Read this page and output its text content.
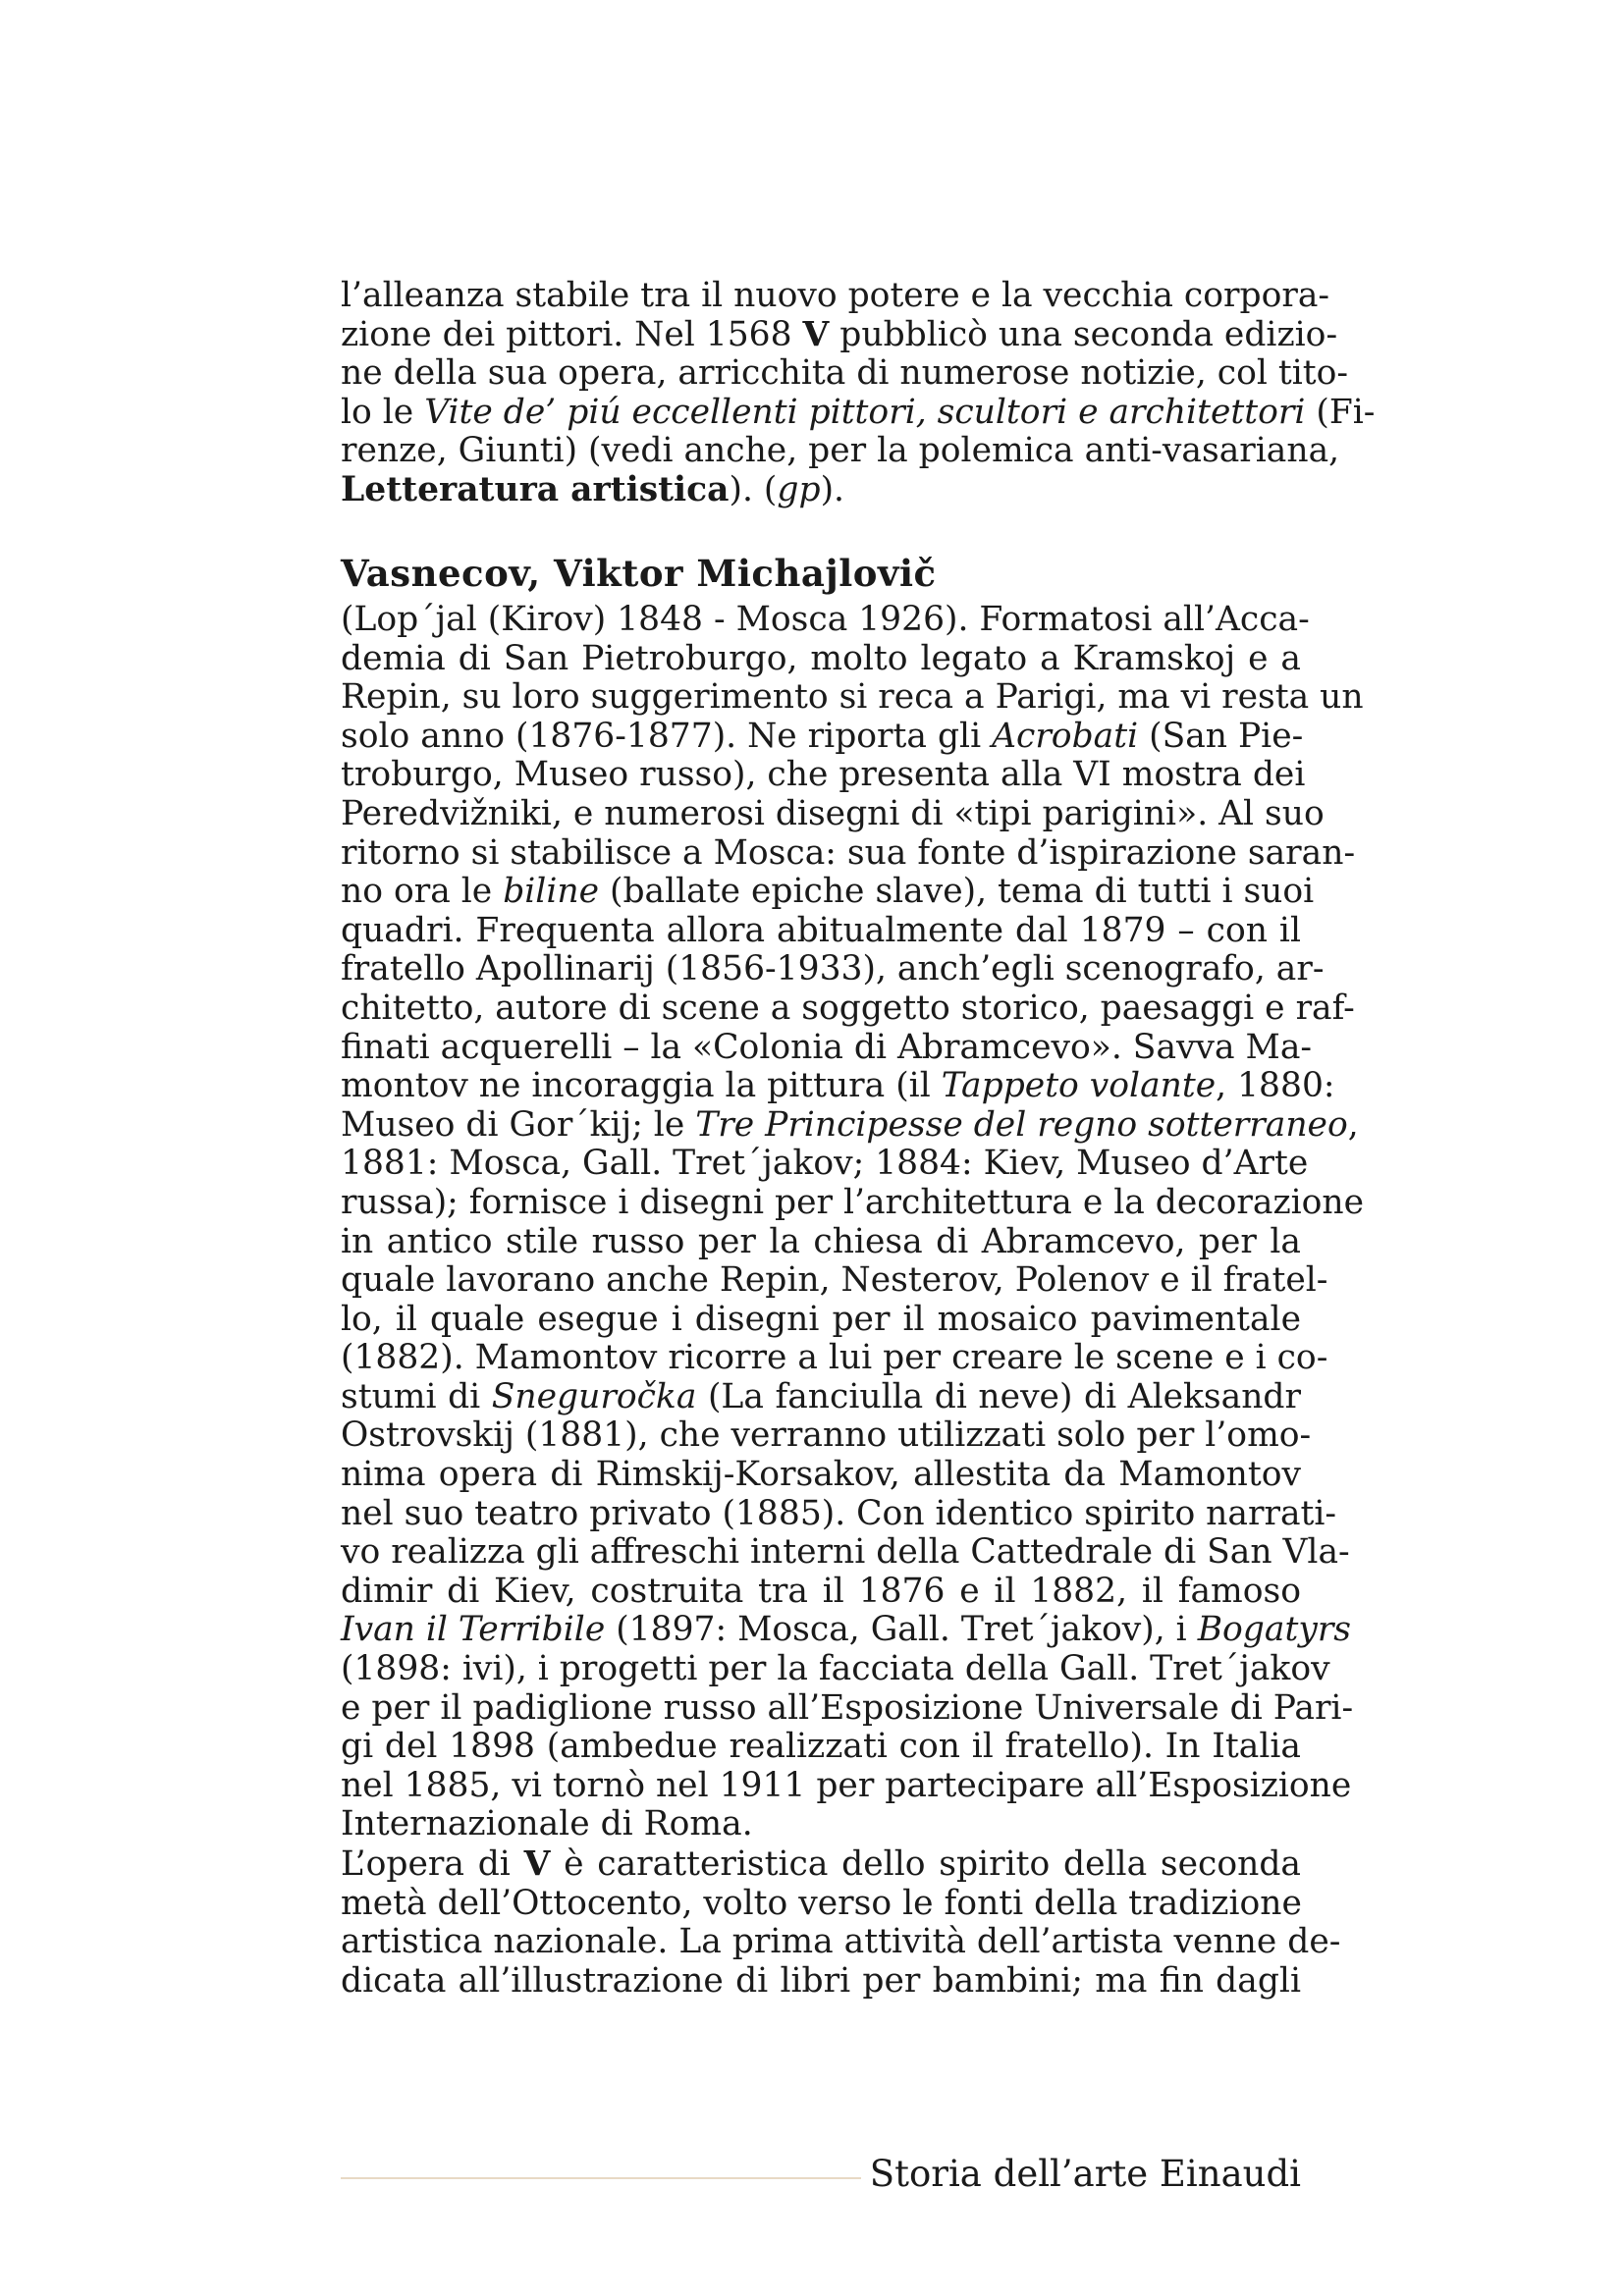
l’alleanza stabile tra il nuovo potere e la vecchia corpora-
zione dei pittori. Nel 1568 V pubblicò una seconda edizio-
ne della sua opera, arricchita di numerose notizie, col tito-
lo le Vite de’ piú eccellenti pittori, scultori e architettori (Fi-
renze, Giunti) (vedi anche, per la polemica anti-vasariana,
Letteratura artistica). (gp).
Vasnecov, Viktor Michajlovič
(Lop´jal (Kirov) 1848 - Mosca 1926). Formatosi all’Acca-
demia di San Pietroburgo, molto legato a Kramskoj e a
Repin, su loro suggerimento si reca a Parigi, ma vi resta un
solo anno (1876-1877). Ne riporta gli Acrobati (San Pie-
troburgo, Museo russo), che presenta alla VI mostra dei
Peredvižniki, e numerosi disegni di «tipi parigini». Al suo
ritorno si stabilisce a Mosca: sua fonte d’ispirazione saran-
no ora le biline (ballate epiche slave), tema di tutti i suoi
quadri. Frequenta allora abitualmente dal 1879 – con il
fratello Apollinarij (1856-1933), anch’egli scenografo, ar-
chitetto, autore di scene a soggetto storico, paesaggi e raf-
finati acquerelli – la «Colonia di Abramcevo». Savva Ma-
montov ne incoraggia la pittura (il Tappeto volante, 1880:
Museo di Gor´kij; le Tre Principesse del regno sotterraneo,
1881: Mosca, Gall. Tret´jakov; 1884: Kiev, Museo d’Arte
russa); fornisce i disegni per l’architettura e la decorazione
in antico stile russo per la chiesa di Abramcevo, per la
quale lavorano anche Repin, Nesterov, Polenov e il fratel-
lo, il quale esegue i disegni per il mosaico pavimentale
(1882). Mamontov ricorre a lui per creare le scene e i co-
stumi di Sneguročka (La fanciulla di neve) di Aleksandr
Ostrovskij (1881), che verranno utilizzati solo per l’omo-
nima opera di Rimskij-Korsakov, allestita da Mamontov
nel suo teatro privato (1885). Con identico spirito narrati-
vo realizza gli affreschi interni della Cattedrale di San Vla-
dimir di Kiev, costruita tra il 1876 e il 1882, il famoso
Ivan il Terribile (1897: Mosca, Gall. Tret´jakov), i Bogatyrs
(1898: ivi), i progetti per la facciata della Gall. Tret´jakov
e per il padiglione russo all’Esposizione Universale di Pari-
gi del 1898 (ambedue realizzati con il fratello). In Italia
nel 1885, vi tornò nel 1911 per partecipare all’Esposizione
Internazionale di Roma.
L’opera di V è caratteristica dello spirito della seconda
metà dell’Ottocento, volto verso le fonti della tradizione
artistica nazionale. La prima attività dell’artista venne de-
dicata all’illustrazione di libri per bambini; ma fin dagli
Storia dell’arte Einaudi
